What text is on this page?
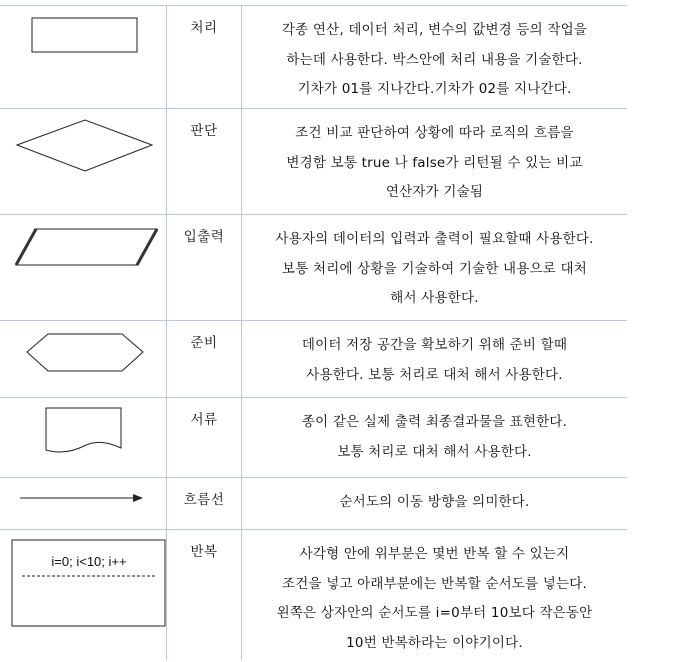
처리	각종 연산, 데이터 처리, 변수의 값변경 등의 작업을
하는데 사용한다. 박스안에 처리 내용을 기술한다.
기차가 01를 지나간다.기차가 02를 지나간다.

판단	조건 비교 판단하여 상황에 따라 로직의 흐름을
변경함 보통 true 나 false가 리턴될 수 있는 비교
연산자가 기술됨

입출력	사용자의 데이터의 입력과 출력이 필요할때 사용한다.
보통 처리에 상황을 기술하여 기술한 내용으로 대처
해서 사용한다.

준비	데이터 저장 공간을 확보하기 위해 준비 할때
사용한다. 보통 처리로 대처 해서 사용한다.

서류	종이 같은 실제 출력 최종결과물을 표현한다.
보통 처리로 대처 해서 사용한다.

흐름선	순서도의 이동 방향을 의미한다.

i=0; i<10; i++	반복	사각형 안에 위부분은 몇번 반복 할 수 있는지
조건을 넣고 아래부분에는 반복할 순서도를 넣는다.
왼쪽은 상자안의 순서도를 i=0부터 10보다 작은동안
10번 반복하라는 이야기이다.
